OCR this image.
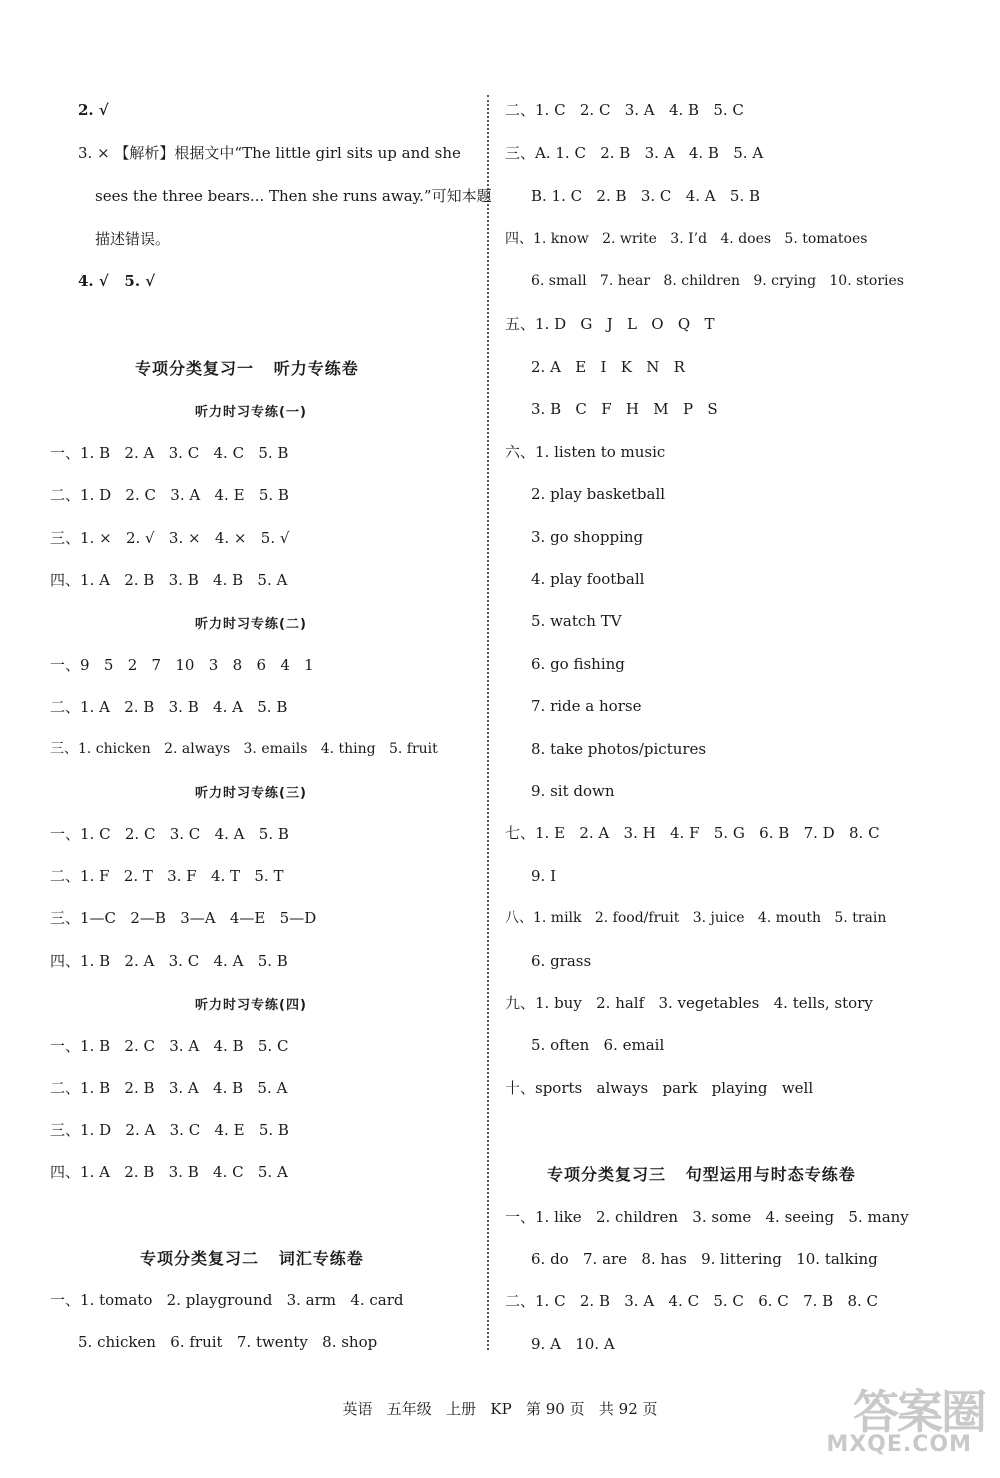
2. √
3. × 【解析】根据文中“The little girl sits up and she
sees the three bears... Then she runs away.”可知本题
描述错误。
4. √   5. √
专项分类复习一   听力专练卷
听力时习专练(一)
一、1. B   2. A   3. C   4. C   5. B
二、1. D   2. C   3. A   4. E   5. B
三、1. ×   2. √   3. ×   4. ×   5. √
四、1. A   2. B   3. B   4. B   5. A
听力时习专练(二)
一、9   5   2   7   10   3   8   6   4   1
二、1. A   2. B   3. B   4. A   5. B
三、1. chicken   2. always   3. emails   4. thing   5. fruit
听力时习专练(三)
一、1. C   2. C   3. C   4. A   5. B
二、1. F   2. T   3. F   4. T   5. T
三、1—C   2—B   3—A   4—E   5—D
四、1. B   2. A   3. C   4. A   5. B
听力时习专练(四)
一、1. B   2. C   3. A   4. B   5. C
二、1. B   2. B   3. A   4. B   5. A
三、1. D   2. A   3. C   4. E   5. B
四、1. A   2. B   3. B   4. C   5. A
专项分类复习二   词汇专练卷
一、1. tomato   2. playground   3. arm   4. card
5. chicken   6. fruit   7. twenty   8. shop
二、1. C   2. C   3. A   4. B   5. C
三、A. 1. C   2. B   3. A   4. B   5. A
B. 1. C   2. B   3. C   4. A   5. B
四、1. know   2. write   3. I’d   4. does   5. tomatoes
6. small   7. hear   8. children   9. crying   10. stories
五、1. D   G   J   L   O   Q   T
2. A   E   I   K   N   R
3. B   C   F   H   M   P   S
六、1. listen to music
2. play basketball
3. go shopping
4. play football
5. watch TV
6. go fishing
7. ride a horse
8. take photos/pictures
9. sit down
七、1. E   2. A   3. H   4. F   5. G   6. B   7. D   8. C
9. I
八、1. milk   2. food/fruit   3. juice   4. mouth   5. train
6. grass
九、1. buy   2. half   3. vegetables   4. tells, story
5. often   6. email
十、sports   always   park   playing   well
专项分类复习三   句型运用与时态专练卷
一、1. like   2. children   3. some   4. seeing   5. many
6. do   7. are   8. has   9. littering   10. talking
二、1. C   2. B   3. A   4. C   5. C   6. C   7. B   8. C
9. A   10. A
英语   五年级   上册   KP   第 90 页   共 92 页	答案圈
MXQE.COM
